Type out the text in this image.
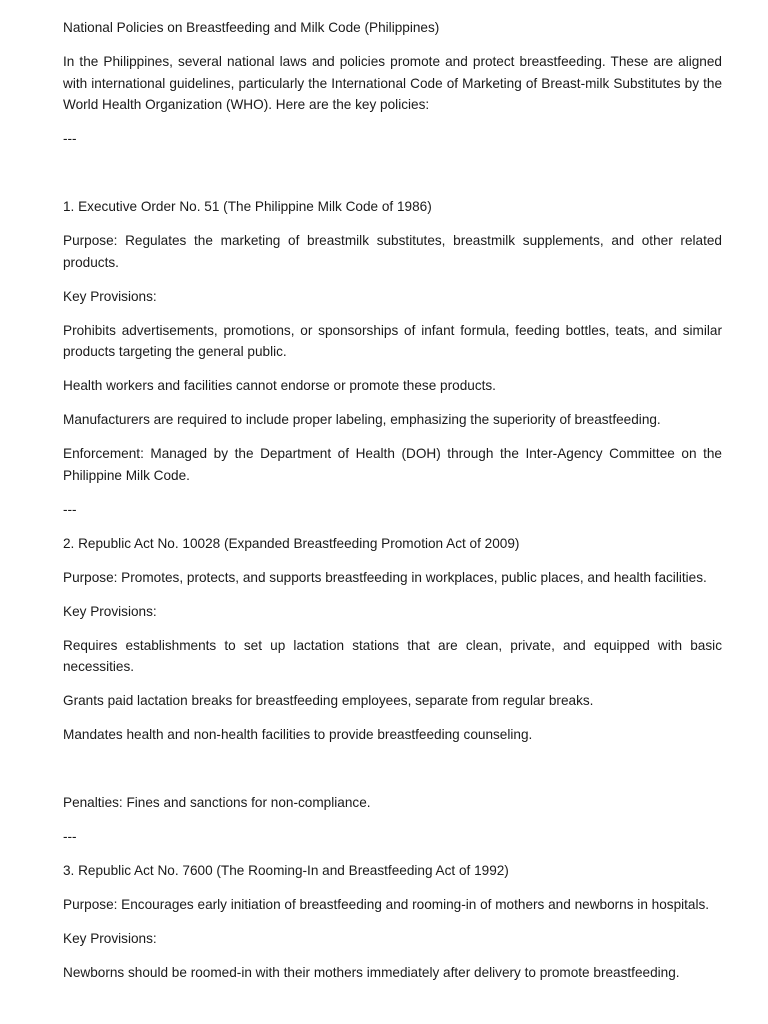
National Policies on Breastfeeding and Milk Code (Philippines)

In the Philippines, several national laws and policies promote and protect breastfeeding. These are aligned with international guidelines, particularly the International Code of Marketing of Breast-milk Substitutes by the World Health Organization (WHO). Here are the key policies:

---

1. Executive Order No. 51 (The Philippine Milk Code of 1986)

Purpose: Regulates the marketing of breastmilk substitutes, breastmilk supplements, and other related products.

Key Provisions:

Prohibits advertisements, promotions, or sponsorships of infant formula, feeding bottles, teats, and similar products targeting the general public.

Health workers and facilities cannot endorse or promote these products.

Manufacturers are required to include proper labeling, emphasizing the superiority of breastfeeding.

Enforcement: Managed by the Department of Health (DOH) through the Inter-Agency Committee on the Philippine Milk Code.

---

2. Republic Act No. 10028 (Expanded Breastfeeding Promotion Act of 2009)

Purpose: Promotes, protects, and supports breastfeeding in workplaces, public places, and health facilities.

Key Provisions:

Requires establishments to set up lactation stations that are clean, private, and equipped with basic necessities.

Grants paid lactation breaks for breastfeeding employees, separate from regular breaks.

Mandates health and non-health facilities to provide breastfeeding counseling.

Penalties: Fines and sanctions for non-compliance.

---

3. Republic Act No. 7600 (The Rooming-In and Breastfeeding Act of 1992)

Purpose: Encourages early initiation of breastfeeding and rooming-in of mothers and newborns in hospitals.

Key Provisions:

Newborns should be roomed-in with their mothers immediately after delivery to promote breastfeeding.
